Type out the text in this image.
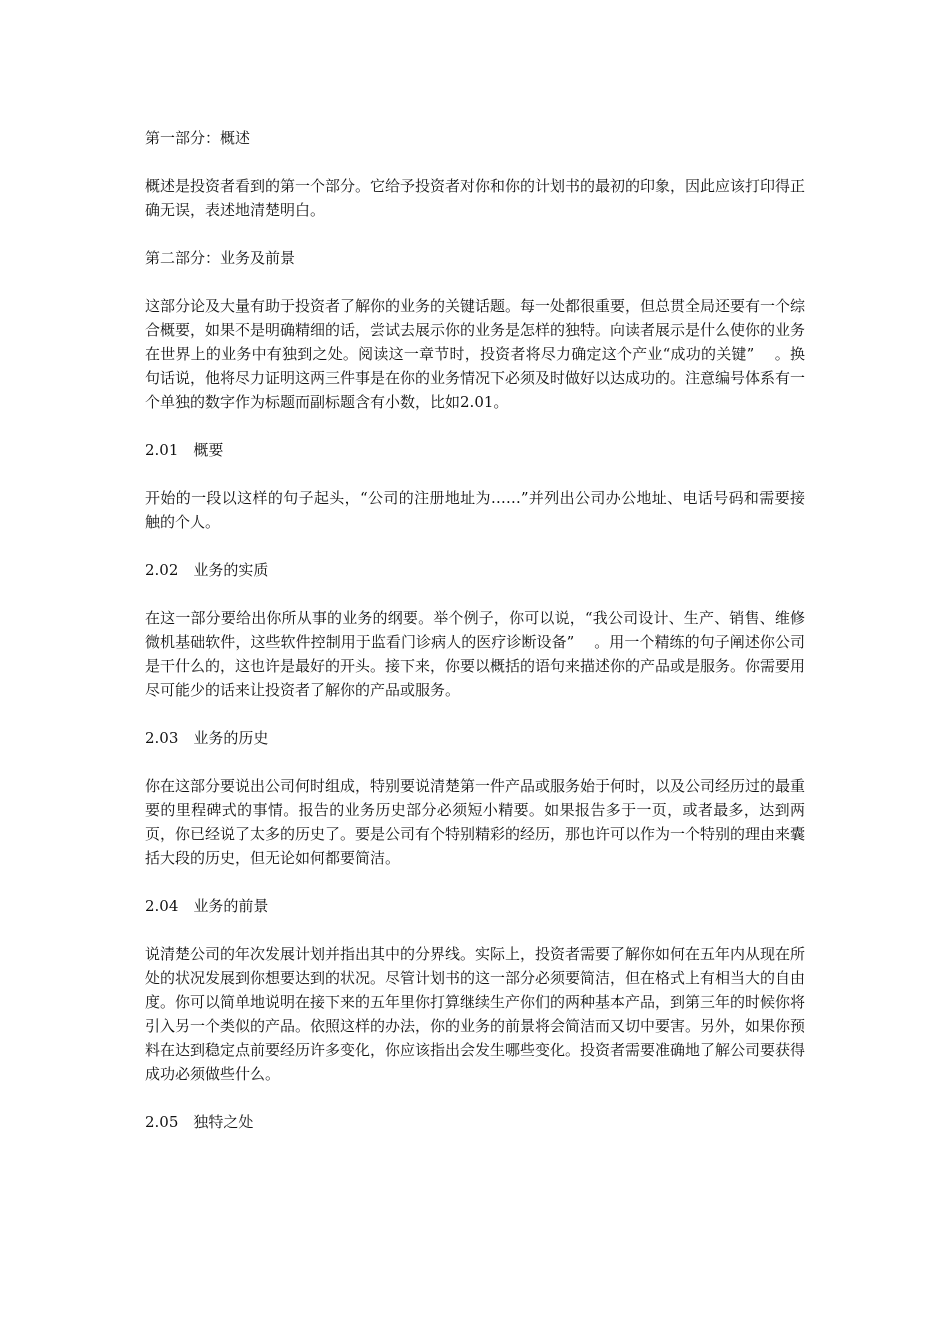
第一部分：概述
概述是投资者看到的第一个部分。它给予投资者对你和你的计划书的最初的印象，因此应该打印得正确无误，表述地清楚明白。
第二部分：业务及前景
这部分论及大量有助于投资者了解你的业务的关键话题。每一处都很重要，但总贯全局还要有一个综合概要，如果不是明确精细的话，尝试去展示你的业务是怎样的独特。向读者展示是什么使你的业务在世界上的业务中有独到之处。阅读这一章节时，投资者将尽力确定这个产业“成功的关键”　 。换句话说，他将尽力证明这两三件事是在你的业务情况下必须及时做好以达成功的。注意编号体系有一个单独的数字作为标题而副标题含有小数，比如2.01。
2.01　概要
开始的一段以这样的句子起头，“公司的注册地址为……”并列出公司办公地址、电话号码和需要接触的个人。
2.02　业务的实质
在这一部分要给出你所从事的业务的纲要。举个例子，你可以说，“我公司设计、生产、销售、维修微机基础软件，这些软件控制用于监看门诊病人的医疗诊断设备”　 。用一个精练的句子阐述你公司是干什么的，这也许是最好的开头。接下来，你要以概括的语句来描述你的产品或是服务。你需要用尽可能少的话来让投资者了解你的产品或服务。
2.03　业务的历史
你在这部分要说出公司何时组成，特别要说清楚第一件产品或服务始于何时，以及公司经历过的最重要的里程碑式的事情。报告的业务历史部分必须短小精要。如果报告多于一页，或者最多，达到两页，你已经说了太多的历史了。要是公司有个特别精彩的经历，那也许可以作为一个特别的理由来囊括大段的历史，但无论如何都要简洁。
2.04　业务的前景
说清楚公司的年次发展计划并指出其中的分界线。实际上，投资者需要了解你如何在五年内从现在所处的状况发展到你想要达到的状况。尽管计划书的这一部分必须要简洁，但在格式上有相当大的自由度。你可以简单地说明在接下来的五年里你打算继续生产你们的两种基本产品，到第三年的时候你将引入另一个类似的产品。依照这样的办法，你的业务的前景将会简洁而又切中要害。另外，如果你预料在达到稳定点前要经历许多变化，你应该指出会发生哪些变化。投资者需要准确地了解公司要获得成功必须做些什么。
2.05　独特之处
